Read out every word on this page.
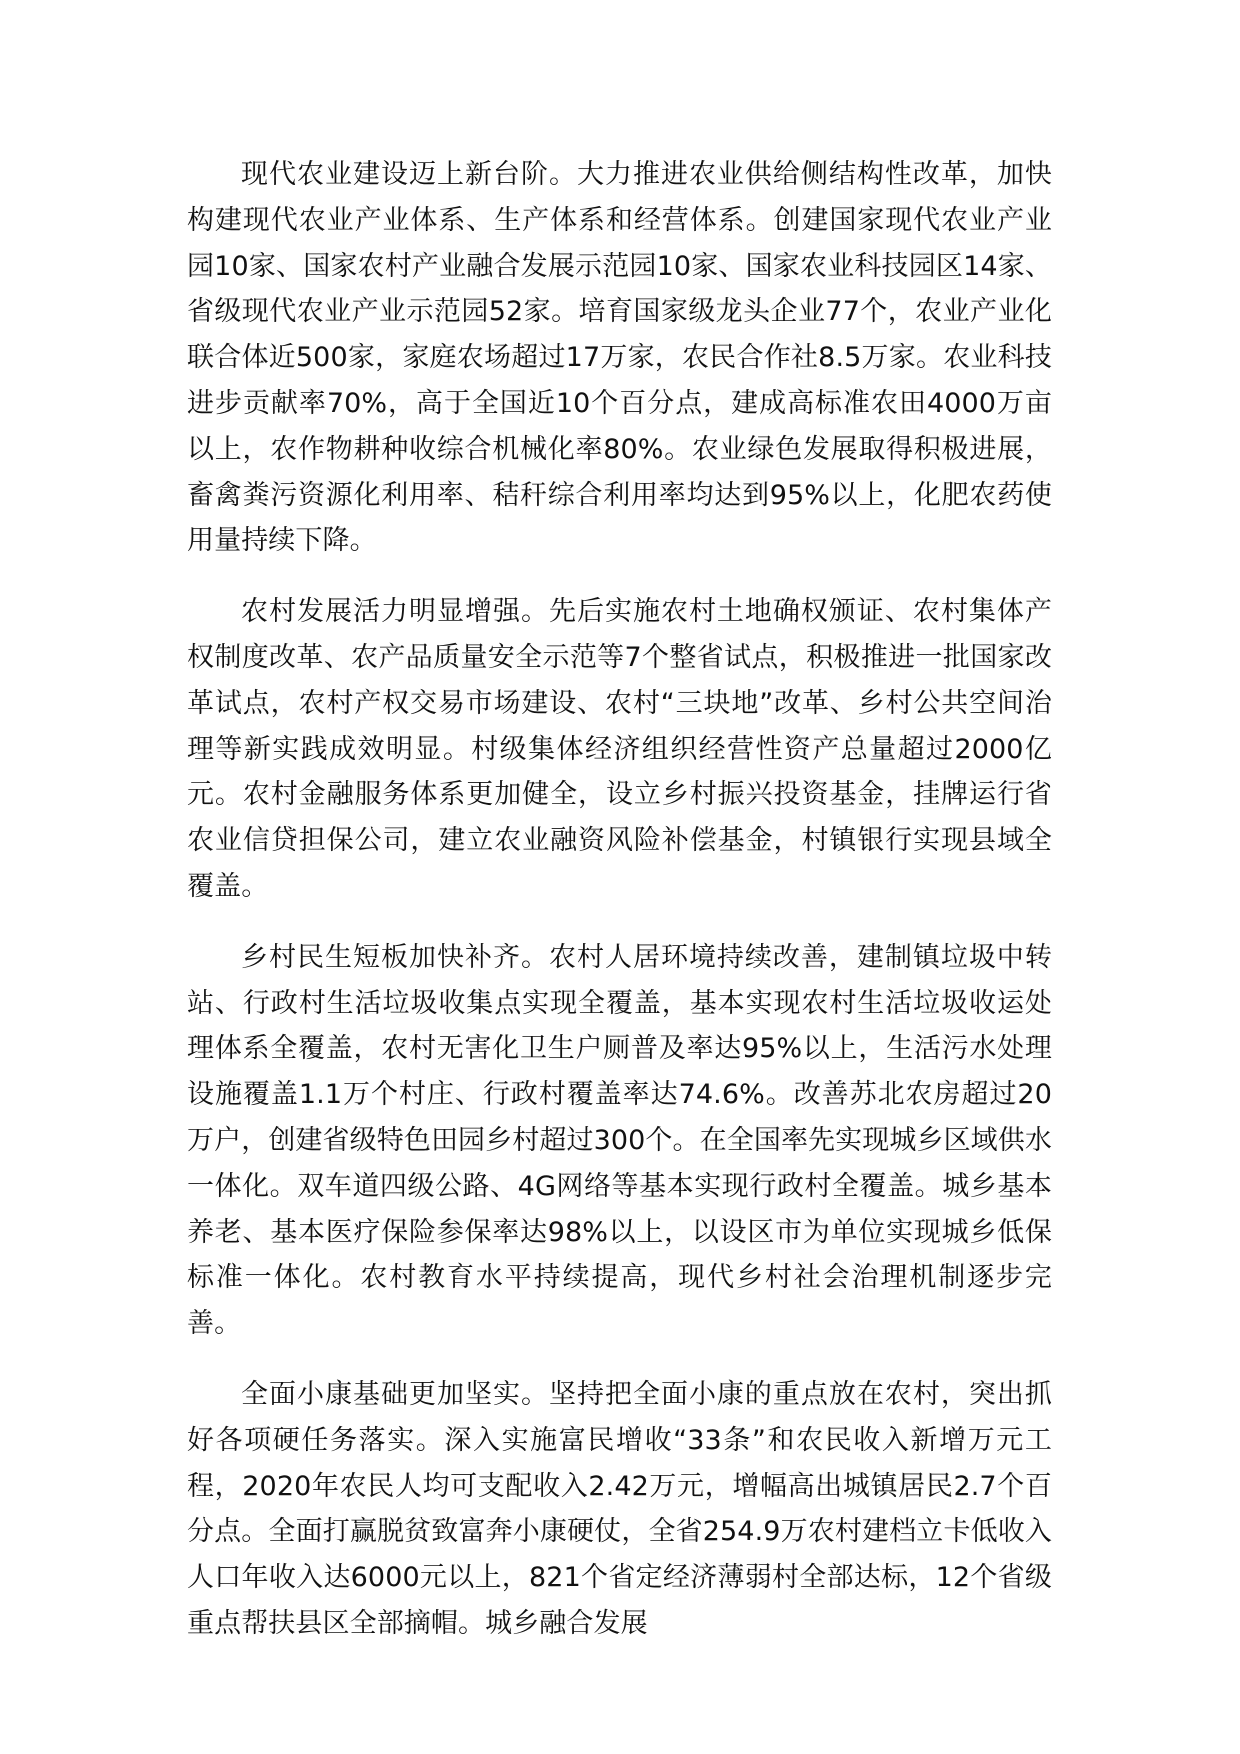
现代农业建设迈上新台阶。大力推进农业供给侧结构性改革，加快构建现代农业产业体系、生产体系和经营体系。创建国家现代农业产业园10家、国家农村产业融合发展示范园10家、国家农业科技园区14家、省级现代农业产业示范园52家。培育国家级龙头企业77个，农业产业化联合体近500家，家庭农场超过17万家，农民合作社8.5万家。农业科技进步贡献率70%，高于全国近10个百分点，建成高标准农田4000万亩以上，农作物耕种收综合机械化率80%。农业绿色发展取得积极进展，畜禽粪污资源化利用率、秸秆综合利用率均达到95%以上，化肥农药使用量持续下降。

农村发展活力明显增强。先后实施农村土地确权颁证、农村集体产权制度改革、农产品质量安全示范等7个整省试点，积极推进一批国家改革试点，农村产权交易市场建设、农村“三块地”改革、乡村公共空间治理等新实践成效明显。村级集体经济组织经营性资产总量超过2000亿元。农村金融服务体系更加健全，设立乡村振兴投资基金，挂牌运行省农业信贷担保公司，建立农业融资风险补偿基金，村镇银行实现县域全覆盖。

乡村民生短板加快补齐。农村人居环境持续改善，建制镇垃圾中转站、行政村生活垃圾收集点实现全覆盖，基本实现农村生活垃圾收运处理体系全覆盖，农村无害化卫生户厕普及率达95%以上，生活污水处理设施覆盖1.1万个村庄、行政村覆盖率达74.6%。改善苏北农房超过20万户，创建省级特色田园乡村超过300个。在全国率先实现城乡区域供水一体化。双车道四级公路、4G网络等基本实现行政村全覆盖。城乡基本养老、基本医疗保险参保率达98%以上，以设区市为单位实现城乡低保标准一体化。农村教育水平持续提高，现代乡村社会治理机制逐步完善。

全面小康基础更加坚实。坚持把全面小康的重点放在农村，突出抓好各项硬任务落实。深入实施富民增收“33条”和农民收入新增万元工程，2020年农民人均可支配收入2.42万元，增幅高出城镇居民2.7个百分点。全面打赢脱贫致富奔小康硬仗，全省254.9万农村建档立卡低收入人口年收入达6000元以上，821个省定经济薄弱村全部达标，12个省级重点帮扶县区全部摘帽。城乡融合发展
